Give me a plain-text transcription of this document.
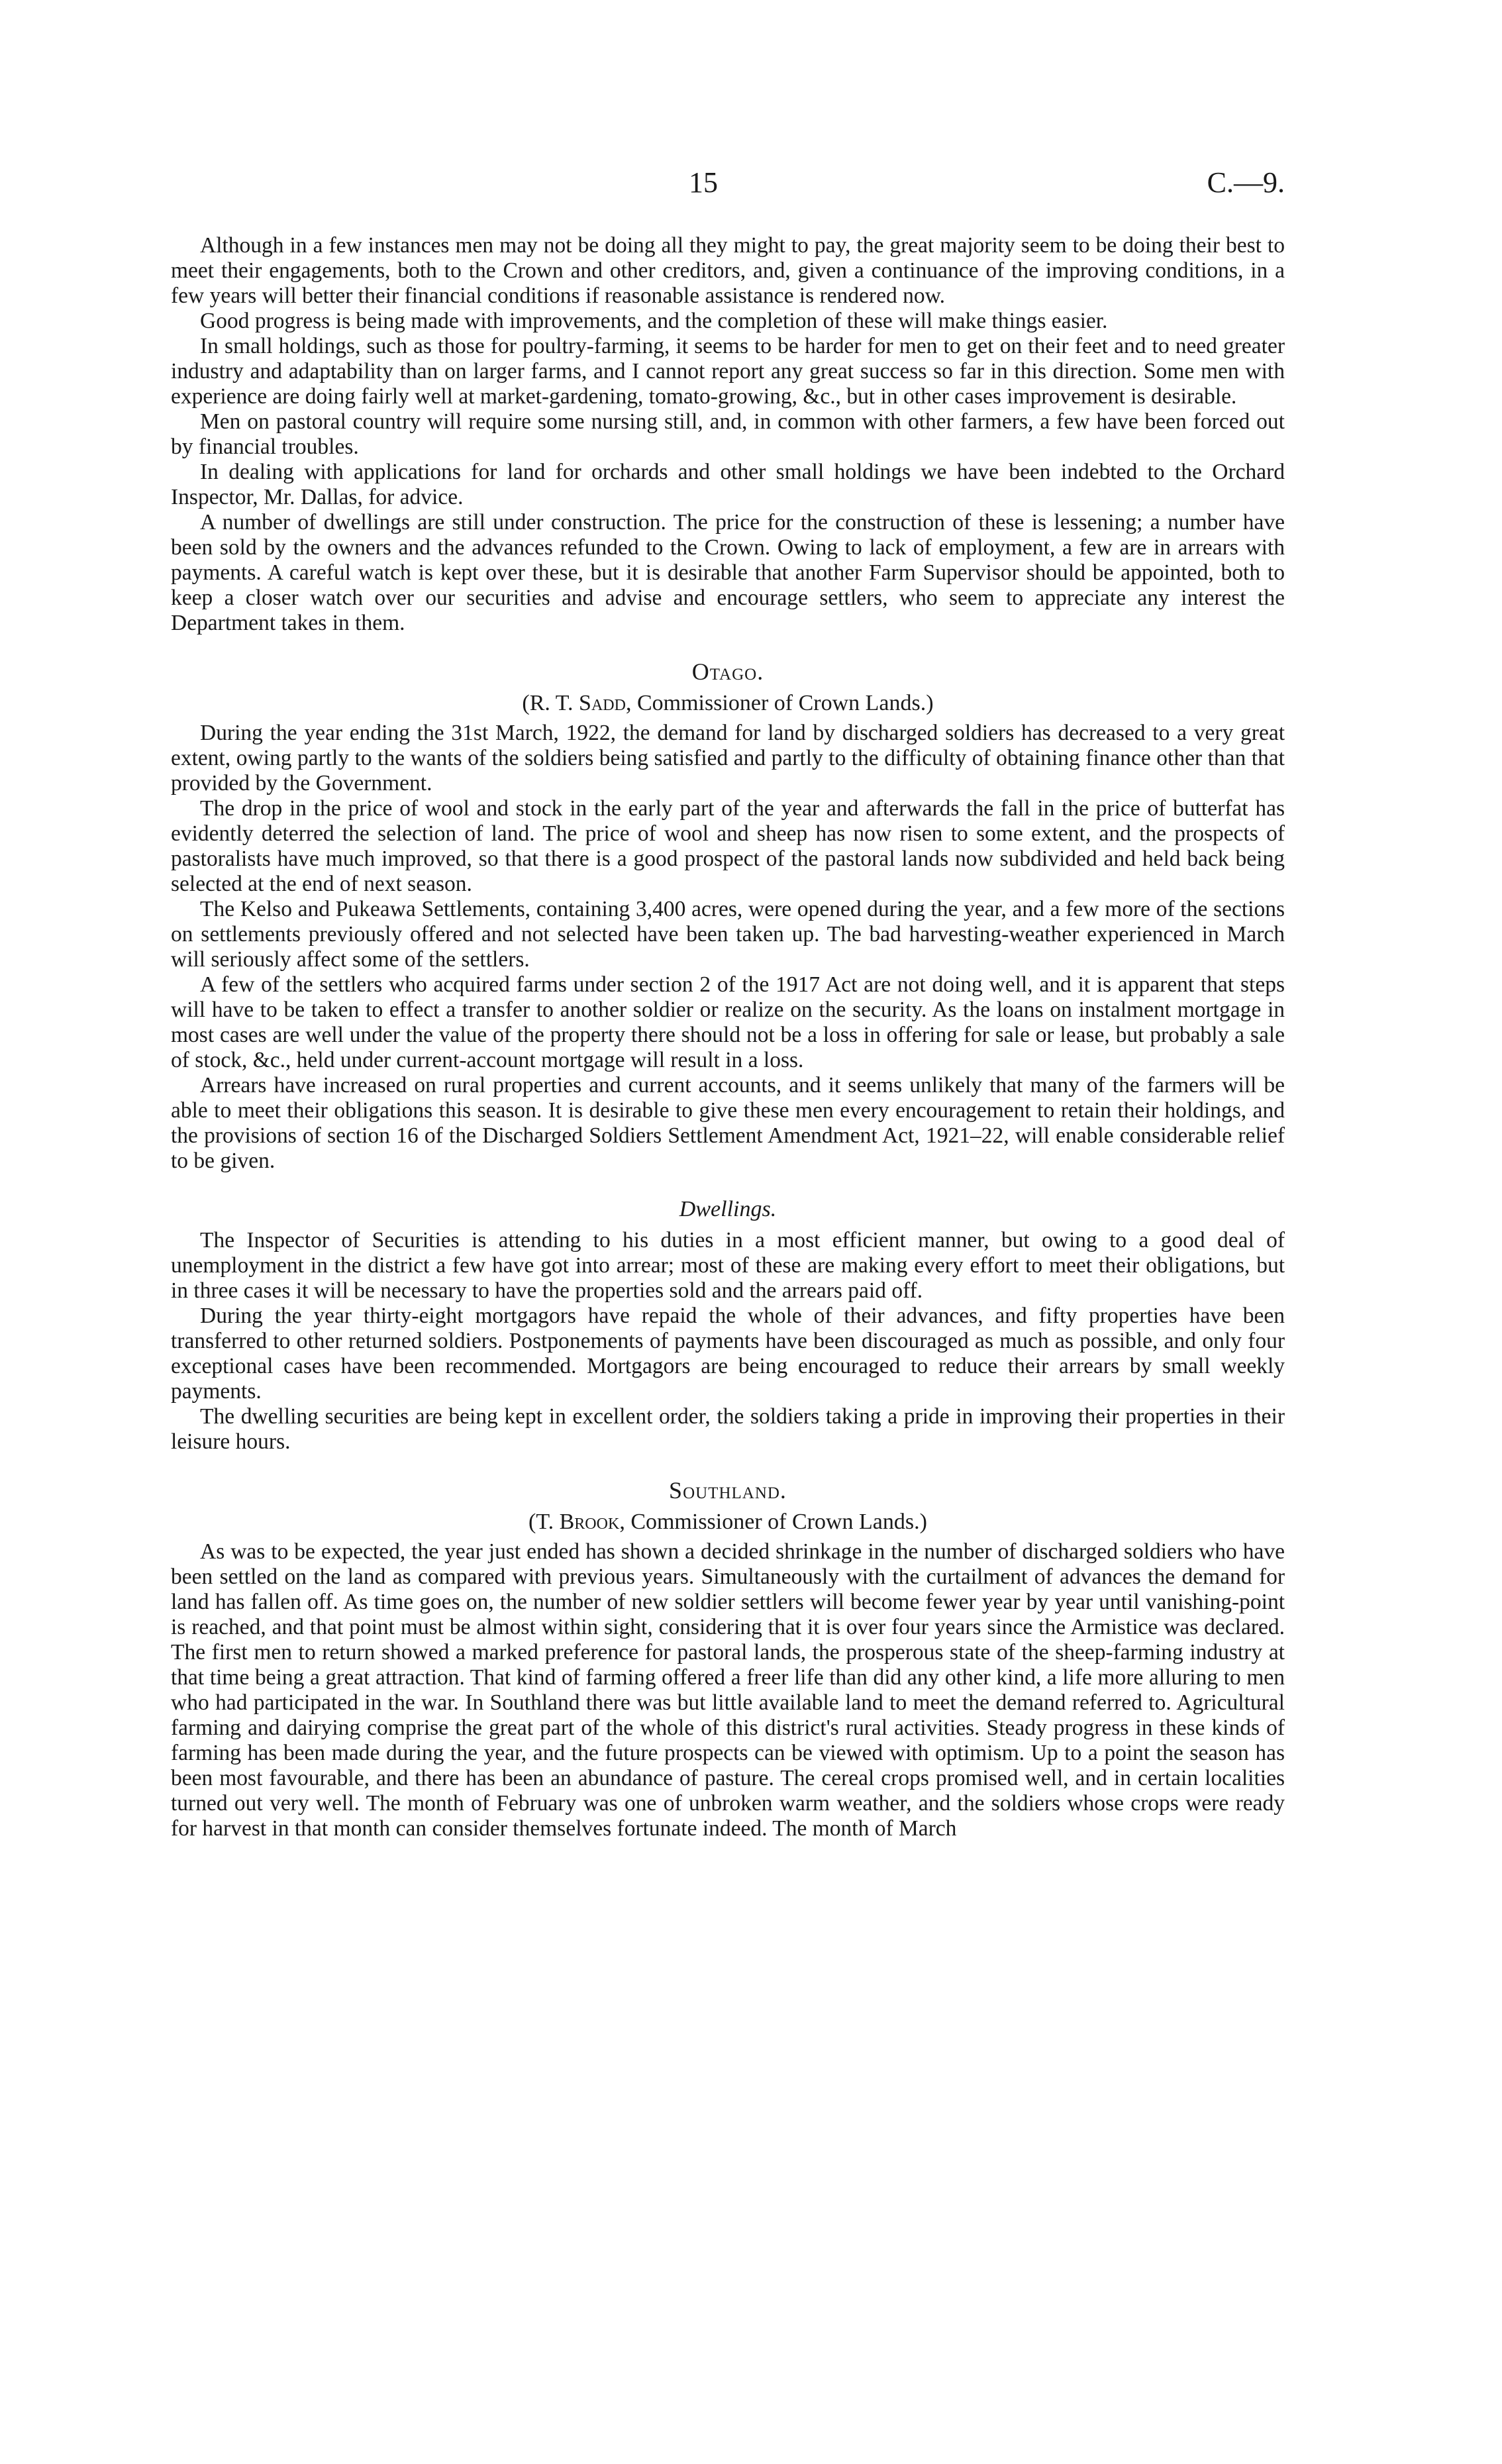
15	C.—9.

Although in a few instances men may not be doing all they might to pay, the great majority seem to be doing their best to meet their engagements, both to the Crown and other creditors, and, given a continuance of the improving conditions, in a few years will better their financial conditions if reasonable assistance is rendered now.

Good progress is being made with improvements, and the completion of these will make things easier.

In small holdings, such as those for poultry-farming, it seems to be harder for men to get on their feet and to need greater industry and adaptability than on larger farms, and I cannot report any great success so far in this direction. Some men with experience are doing fairly well at market-gardening, tomato-growing, &c., but in other cases improvement is desirable.

Men on pastoral country will require some nursing still, and, in common with other farmers, a few have been forced out by financial troubles.

In dealing with applications for land for orchards and other small holdings we have been indebted to the Orchard Inspector, Mr. Dallas, for advice.

A number of dwellings are still under construction. The price for the construction of these is lessening; a number have been sold by the owners and the advances refunded to the Crown. Owing to lack of employment, a few are in arrears with payments. A careful watch is kept over these, but it is desirable that another Farm Supervisor should be appointed, both to keep a closer watch over our securities and advise and encourage settlers, who seem to appreciate any interest the Department takes in them.

Otago.
(R. T. Sadd, Commissioner of Crown Lands.)

During the year ending the 31st March, 1922, the demand for land by discharged soldiers has decreased to a very great extent, owing partly to the wants of the soldiers being satisfied and partly to the difficulty of obtaining finance other than that provided by the Government.

The drop in the price of wool and stock in the early part of the year and afterwards the fall in the price of butterfat has evidently deterred the selection of land. The price of wool and sheep has now risen to some extent, and the prospects of pastoralists have much improved, so that there is a good prospect of the pastoral lands now subdivided and held back being selected at the end of next season.

The Kelso and Pukeawa Settlements, containing 3,400 acres, were opened during the year, and a few more of the sections on settlements previously offered and not selected have been taken up. The bad harvesting-weather experienced in March will seriously affect some of the settlers.

A few of the settlers who acquired farms under section 2 of the 1917 Act are not doing well, and it is apparent that steps will have to be taken to effect a transfer to another soldier or realize on the security. As the loans on instalment mortgage in most cases are well under the value of the property there should not be a loss in offering for sale or lease, but probably a sale of stock, &c., held under current-account mortgage will result in a loss.

Arrears have increased on rural properties and current accounts, and it seems unlikely that many of the farmers will be able to meet their obligations this season. It is desirable to give these men every encouragement to retain their holdings, and the provisions of section 16 of the Discharged Soldiers Settlement Amendment Act, 1921–22, will enable considerable relief to be given.

Dwellings.

The Inspector of Securities is attending to his duties in a most efficient manner, but owing to a good deal of unemployment in the district a few have got into arrear; most of these are making every effort to meet their obligations, but in three cases it will be necessary to have the properties sold and the arrears paid off.

During the year thirty-eight mortgagors have repaid the whole of their advances, and fifty properties have been transferred to other returned soldiers. Postponements of payments have been discouraged as much as possible, and only four exceptional cases have been recommended. Mortgagors are being encouraged to reduce their arrears by small weekly payments.

The dwelling securities are being kept in excellent order, the soldiers taking a pride in improving their properties in their leisure hours.

Southland.
(T. Brook, Commissioner of Crown Lands.)

As was to be expected, the year just ended has shown a decided shrinkage in the number of discharged soldiers who have been settled on the land as compared with previous years. Simultaneously with the curtailment of advances the demand for land has fallen off. As time goes on, the number of new soldier settlers will become fewer year by year until vanishing-point is reached, and that point must be almost within sight, considering that it is over four years since the Armistice was declared. The first men to return showed a marked preference for pastoral lands, the prosperous state of the sheep-farming industry at that time being a great attraction. That kind of farming offered a freer life than did any other kind, a life more alluring to men who had participated in the war. In Southland there was but little available land to meet the demand referred to. Agricultural farming and dairying comprise the great part of the whole of this district's rural activities. Steady progress in these kinds of farming has been made during the year, and the future prospects can be viewed with optimism. Up to a point the season has been most favourable, and there has been an abundance of pasture. The cereal crops promised well, and in certain localities turned out very well. The month of February was one of unbroken warm weather, and the soldiers whose crops were ready for harvest in that month can consider themselves fortunate indeed. The month of March
